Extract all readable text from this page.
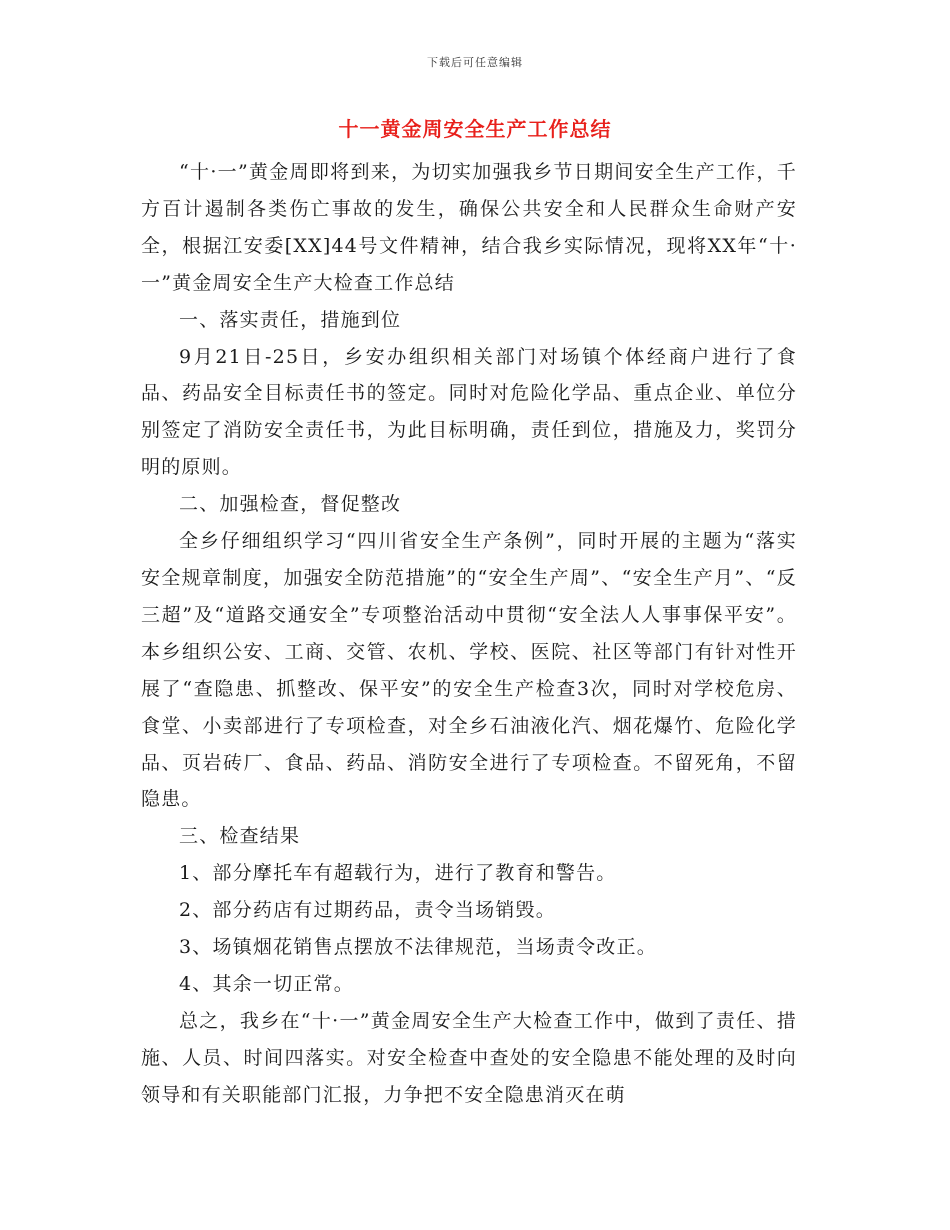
下载后可任意编辑
十一黄金周安全生产工作总结

“十·一”黄金周即将到来，为切实加强我乡节日期间安全生产工作，千方百计遏制各类伤亡事故的发生，确保公共安全和人民群众生命财产安全，根据江安委[XX]44号文件精神，结合我乡实际情况，现将XX年“十·一”黄金周安全生产大检查工作总结

一、落实责任，措施到位

9月21日-25日，乡安办组织相关部门对场镇个体经商户进行了食品、药品安全目标责任书的签定。同时对危险化学品、重点企业、单位分别签定了消防安全责任书，为此目标明确，责任到位，措施及力，奖罚分明的原则。

二、加强检查，督促整改

全乡仔细组织学习“四川省安全生产条例”，同时开展的主题为“落实安全规章制度，加强安全防范措施”的“安全生产周”、“安全生产月”、“反三超”及“道路交通安全”专项整治活动中贯彻“安全法人人事事保平安”。本乡组织公安、工商、交管、农机、学校、医院、社区等部门有针对性开展了“查隐患、抓整改、保平安”的安全生产检查3次，同时对学校危房、食堂、小卖部进行了专项检查，对全乡石油液化汽、烟花爆竹、危险化学品、页岩砖厂、食品、药品、消防安全进行了专项检查。不留死角，不留隐患。

三、检查结果

1、部分摩托车有超载行为，进行了教育和警告。

2、部分药店有过期药品，责令当场销毁。

3、场镇烟花销售点摆放不法律规范，当场责令改正。

4、其余一切正常。

总之，我乡在“十·一”黄金周安全生产大检查工作中，做到了责任、措施、人员、时间四落实。对安全检查中查处的安全隐患不能处理的及时向领导和有关职能部门汇报，力争把不安全隐患消灭在萌
